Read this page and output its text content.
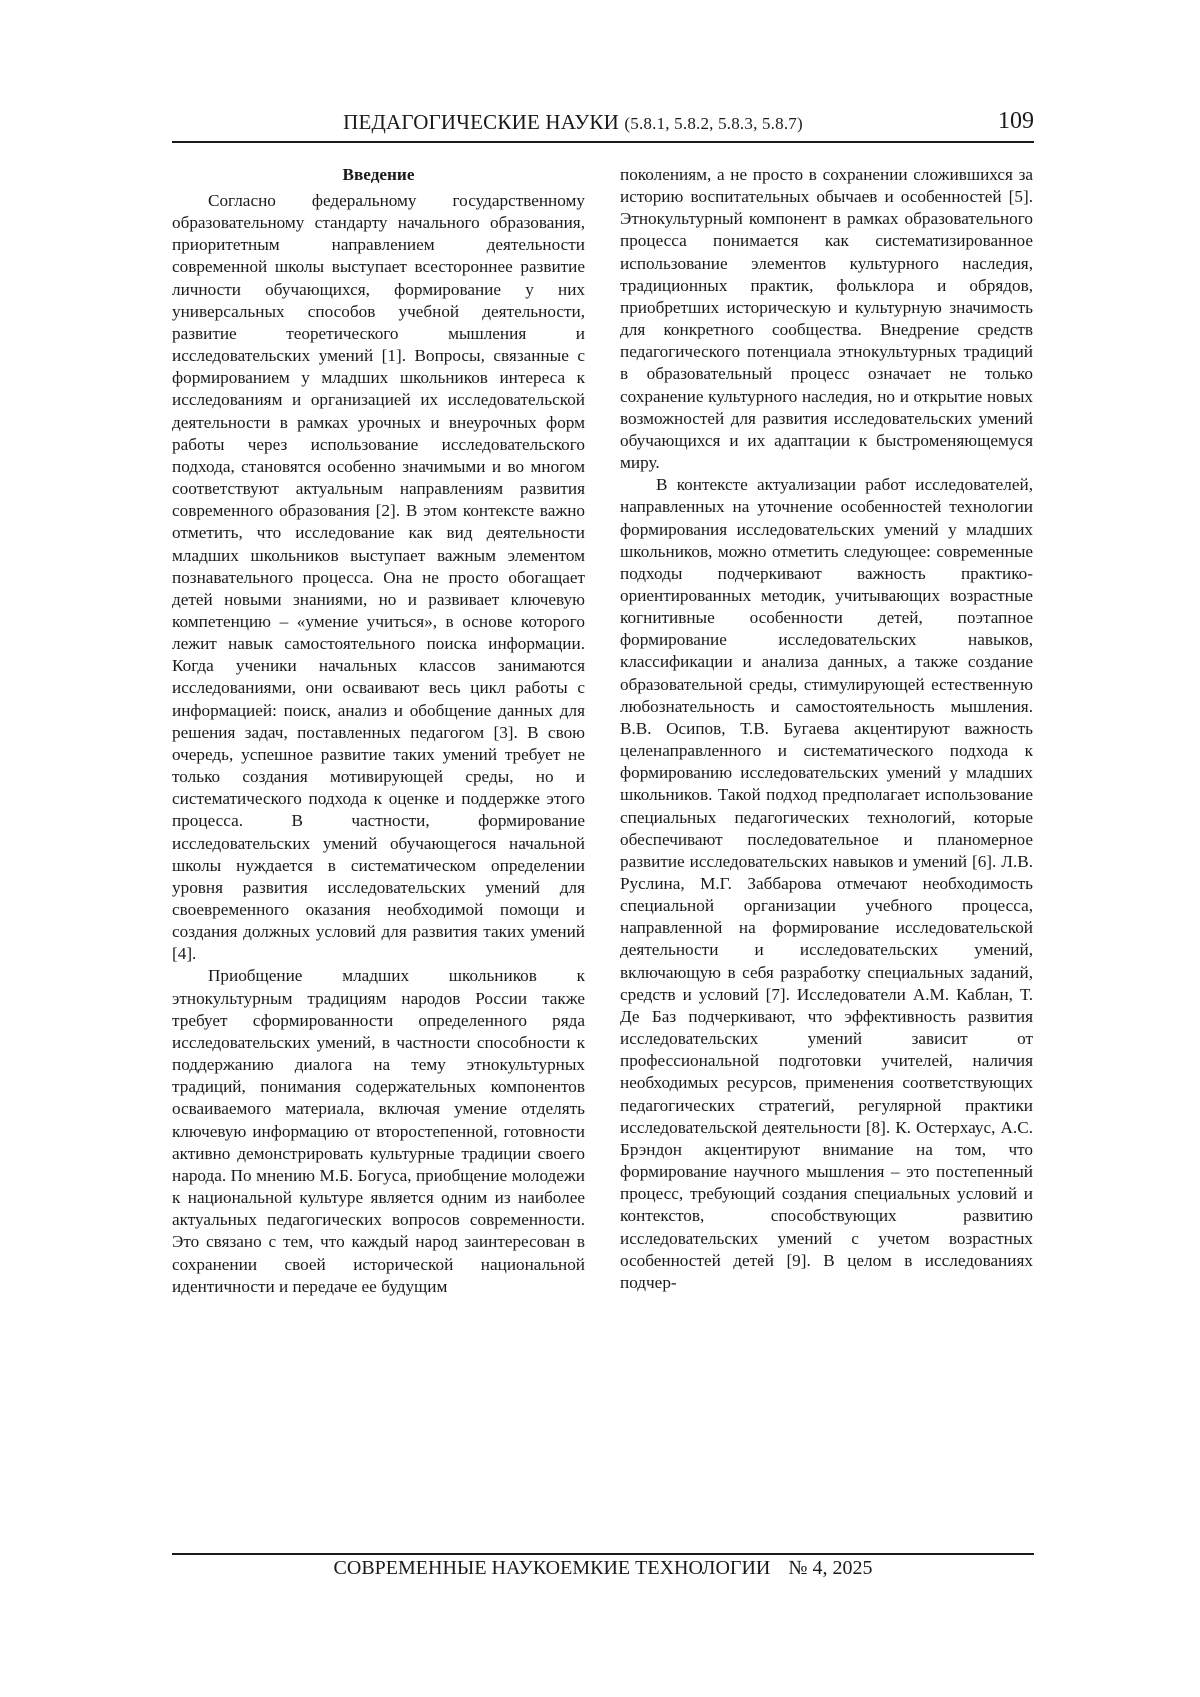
ПЕДАГОГИЧЕСКИЕ НАУКИ (5.8.1, 5.8.2, 5.8.3, 5.8.7)	109
Введение

Согласно федеральному государственному образовательному стандарту начального образования, приоритетным направлением деятельности современной школы выступает всестороннее развитие личности обучающихся, формирование у них универсальных способов учебной деятельности, развитие теоретического мышления и исследовательских умений [1]. Вопросы, связанные с формированием у младших школьников интереса к исследованиям и организацией их исследовательской деятельности в рамках урочных и внеурочных форм работы через использование исследовательского подхода, становятся особенно значимыми и во многом соответствуют актуальным направлениям развития современного образования [2]. В этом контексте важно отметить, что исследование как вид деятельности младших школьников выступает важным элементом познавательного процесса. Она не просто обогащает детей новыми знаниями, но и развивает ключевую компетенцию – «умение учиться», в основе которого лежит навык самостоятельного поиска информации. Когда ученики начальных классов занимаются исследованиями, они осваивают весь цикл работы с информацией: поиск, анализ и обобщение данных для решения задач, поставленных педагогом [3]. В свою очередь, успешное развитие таких умений требует не только создания мотивирующей среды, но и систематического подхода к оценке и поддержке этого процесса. В частности, формирование исследовательских умений обучающегося начальной школы нуждается в систематическом определении уровня развития исследовательских умений для своевременного оказания необходимой помощи и создания должных условий для развития таких умений [4].

Приобщение младших школьников к этнокультурным традициям народов России также требует сформированности определенного ряда исследовательских умений, в частности способности к поддержанию диалога на тему этнокультурных традиций, понимания содержательных компонентов осваиваемого материала, включая умение отделять ключевую информацию от второстепенной, готовности активно демонстрировать культурные традиции своего народа. По мнению М.Б. Богуса, приобщение молодежи к национальной культуре является одним из наиболее актуальных педагогических вопросов современности. Это связано с тем, что каждый народ заинтересован в сохранении своей исторической национальной идентичности и передаче ее будущим

поколениям, а не просто в сохранении сложившихся за историю воспитательных обычаев и особенностей [5]. Этнокультурный компонент в рамках образовательного процесса понимается как систематизированное использование элементов культурного наследия, традиционных практик, фольклора и обрядов, приобретших историческую и культурную значимость для конкретного сообщества. Внедрение средств педагогического потенциала этнокультурных традиций в образовательный процесс означает не только сохранение культурного наследия, но и открытие новых возможностей для развития исследовательских умений обучающихся и их адаптации к быстроменяющемуся миру.

В контексте актуализации работ исследователей, направленных на уточнение особенностей технологии формирования исследовательских умений у младших школьников, можно отметить следующее: современные подходы подчеркивают важность практико-ориентированных методик, учитывающих возрастные когнитивные особенности детей, поэтапное формирование исследовательских навыков, классификации и анализа данных, а также создание образовательной среды, стимулирующей естественную любознательность и самостоятельность мышления. В.В. Осипов, Т.В. Бугаева акцентируют важность целенаправленного и систематического подхода к формированию исследовательских умений у младших школьников. Такой подход предполагает использование специальных педагогических технологий, которые обеспечивают последовательное и планомерное развитие исследовательских навыков и умений [6]. Л.В. Руслина, М.Г. Заббарова отмечают необходимость специальной организации учебного процесса, направленной на формирование исследовательской деятельности и исследовательских умений, включающую в себя разработку специальных заданий, средств и условий [7]. Исследователи А.М. Каблан, Т. Де Баз подчеркивают, что эффективность развития исследовательских умений зависит от профессиональной подготовки учителей, наличия необходимых ресурсов, применения соответствующих педагогических стратегий, регулярной практики исследовательской деятельности [8]. К. Остерхаус, А.С. Брэндон акцентируют внимание на том, что формирование научного мышления – это постепенный процесс, требующий создания специальных условий и контекстов, способствующих развитию исследовательских умений с учетом возрастных особенностей детей [9]. В целом в исследованиях подчер-

СОВРЕМЕННЫЕ НАУКОЕМКИЕ ТЕХНОЛОГИИ № 4, 2025
